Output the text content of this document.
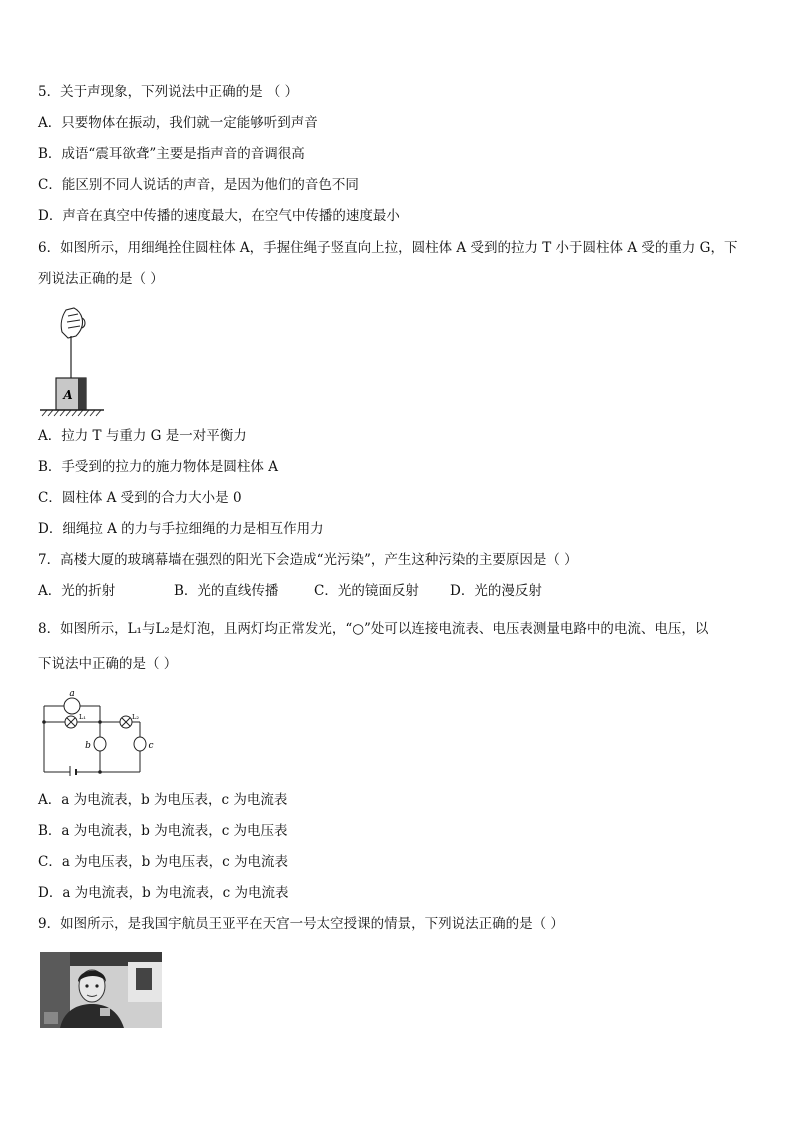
5．关于声现象，下列说法中正确的是 （ ）
A．只要物体在振动，我们就一定能够听到声音
B．成语“震耳欲聋”主要是指声音的音调很高
C．能区别不同人说话的声音，是因为他们的音色不同
D．声音在真空中传播的速度最大，在空气中传播的速度最小
6．如图所示，用细绳拴住圆柱体 A，手握住绳子竖直向上拉，圆柱体 A 受到的拉力 T 小于圆柱体 A 受的重力 G，下
列说法正确的是（ ）
A
A．拉力 T 与重力 G 是一对平衡力
B．手受到的拉力的施力物体是圆柱体 A
C．圆柱体 A 受到的合力大小是 0
D．细绳拉 A 的力与手拉细绳的力是相互作用力
7．高楼大厦的玻璃幕墙在强烈的阳光下会造成“光污染”，产生这种污染的主要原因是（ ）
A．光的折射	B．光的直线传播	C．光的镜面反射 D．光的漫反射
8．如图所示，L₁与L₂是灯泡，且两灯均正常发光，“○”处可以连接电流表、电压表测量电路中的电流、电压，以
下说法中正确的是（ ）
a
L₁	L₂
b	c
A．a 为电流表，b 为电压表，c 为电流表
B．a 为电流表，b 为电流表，c 为电压表
C．a 为电压表，b 为电压表，c 为电流表
D．a 为电流表，b 为电流表，c 为电流表
9．如图所示，是我国宇航员王亚平在天宫一号太空授课的情景，下列说法正确的是（ ）
